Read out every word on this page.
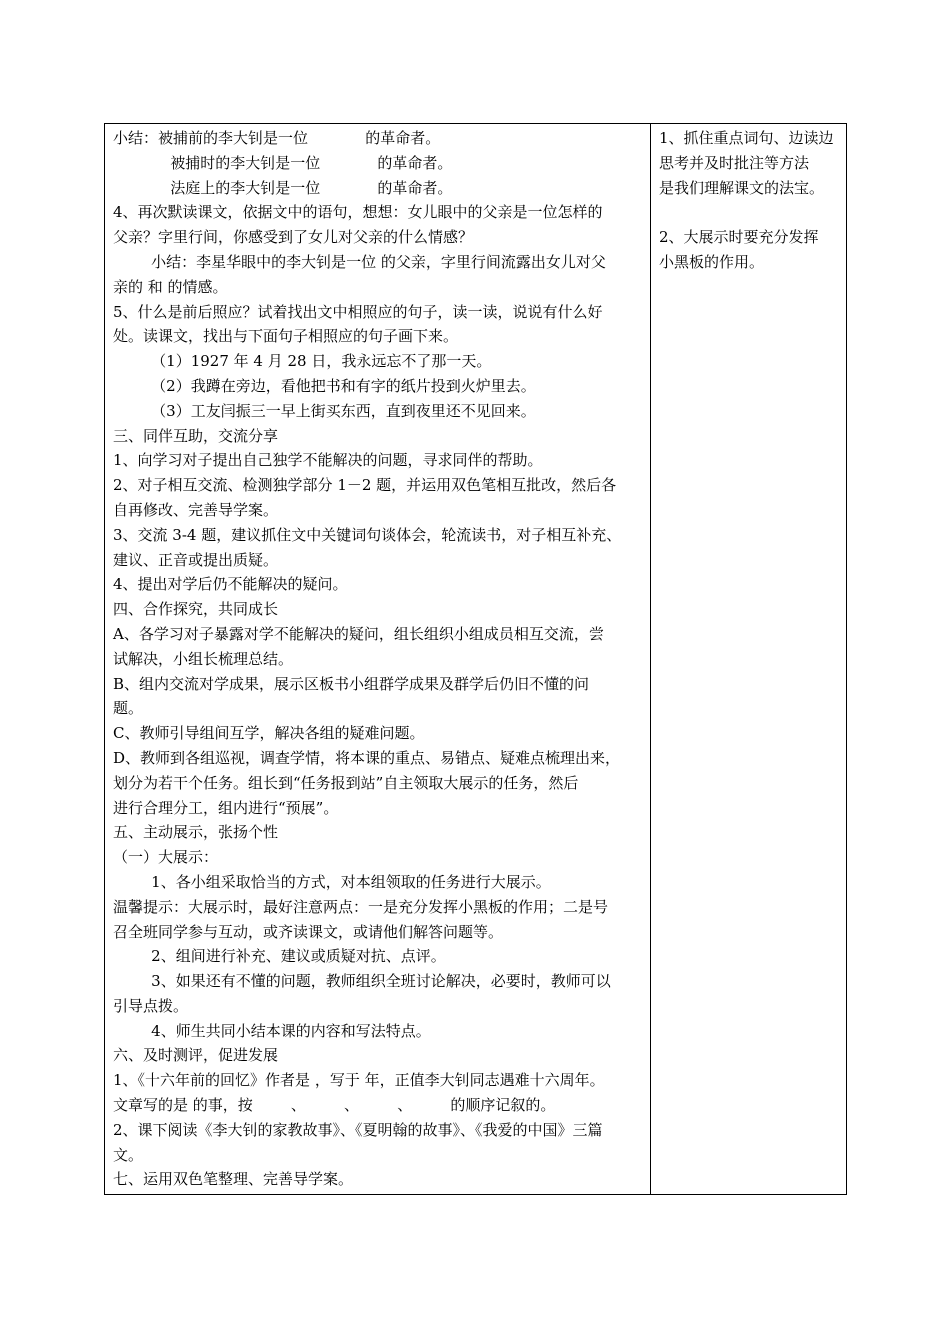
小结：被捕前的李大钊是一位            的革命者。

被捕时的李大钊是一位            的革命者。

法庭上的李大钊是一位            的革命者。

4、再次默读课文，依据文中的语句，想想：女儿眼中的父亲是一位怎样的

父亲？字里行间，你感受到了女儿对父亲的什么情感？

小结：李星华眼中的李大钊是一位 的父亲，字里行间流露出女儿对父

亲的 和 的情感。

5、什么是前后照应？试着找出文中相照应的句子，读一读，说说有什么好

处。读课文，找出与下面句子相照应的句子画下来。

（1）1927 年 4 月 28 日，我永远忘不了那一天。

（2）我蹲在旁边，看他把书和有字的纸片投到火炉里去。

（3）工友闫振三一早上街买东西，直到夜里还不见回来。

三、同伴互助，交流分享

1、向学习对子提出自己独学不能解决的问题，寻求同伴的帮助。

2、对子相互交流、检测独学部分 1－2 题，并运用双色笔相互批改，然后各

自再修改、完善导学案。

3、交流 3-4 题，建议抓住文中关键词句谈体会，轮流读书，对子相互补充、

建议、正音或提出质疑。

4、提出对学后仍不能解决的疑问。

四、合作探究，共同成长

A、各学习对子暴露对学不能解决的疑问，组长组织小组成员相互交流，尝

试解决，小组长梳理总结。

B、组内交流对学成果，展示区板书小组群学成果及群学后仍旧不懂的问

题。

C、教师引导组间互学，解决各组的疑难问题。

D、教师到各组巡视，调查学情，将本课的重点、易错点、疑难点梳理出来，

划分为若干个任务。组长到“任务报到站”自主领取大展示的任务，然后

进行合理分工，组内进行“预展”。

五、主动展示，张扬个性

（一）大展示：

1、各小组采取恰当的方式，对本组领取的任务进行大展示。

温馨提示：大展示时，最好注意两点：一是充分发挥小黑板的作用；二是号

召全班同学参与互动，或齐读课文，或请他们解答问题等。

2、组间进行补充、建议或质疑对抗、点评。

3、如果还有不懂的问题，教师组织全班讨论解决，必要时，教师可以

引导点拨。

4、师生共同小结本课的内容和写法特点。

六、及时测评，促进发展

1、《十六年前的回忆》作者是 ，写于 年，正值李大钊同志遇难十六周年。

文章写的是 的事，按        、        、        、        的顺序记叙的。

2、课下阅读《李大钊的家教故事》、《夏明翰的故事》、《我爱的中国》三篇

文。

七、运用双色笔整理、完善导学案。

1、抓住重点词句、边读边

思考并及时批注等方法

是我们理解课文的法宝。

2、大展示时要充分发挥

小黑板的作用。
